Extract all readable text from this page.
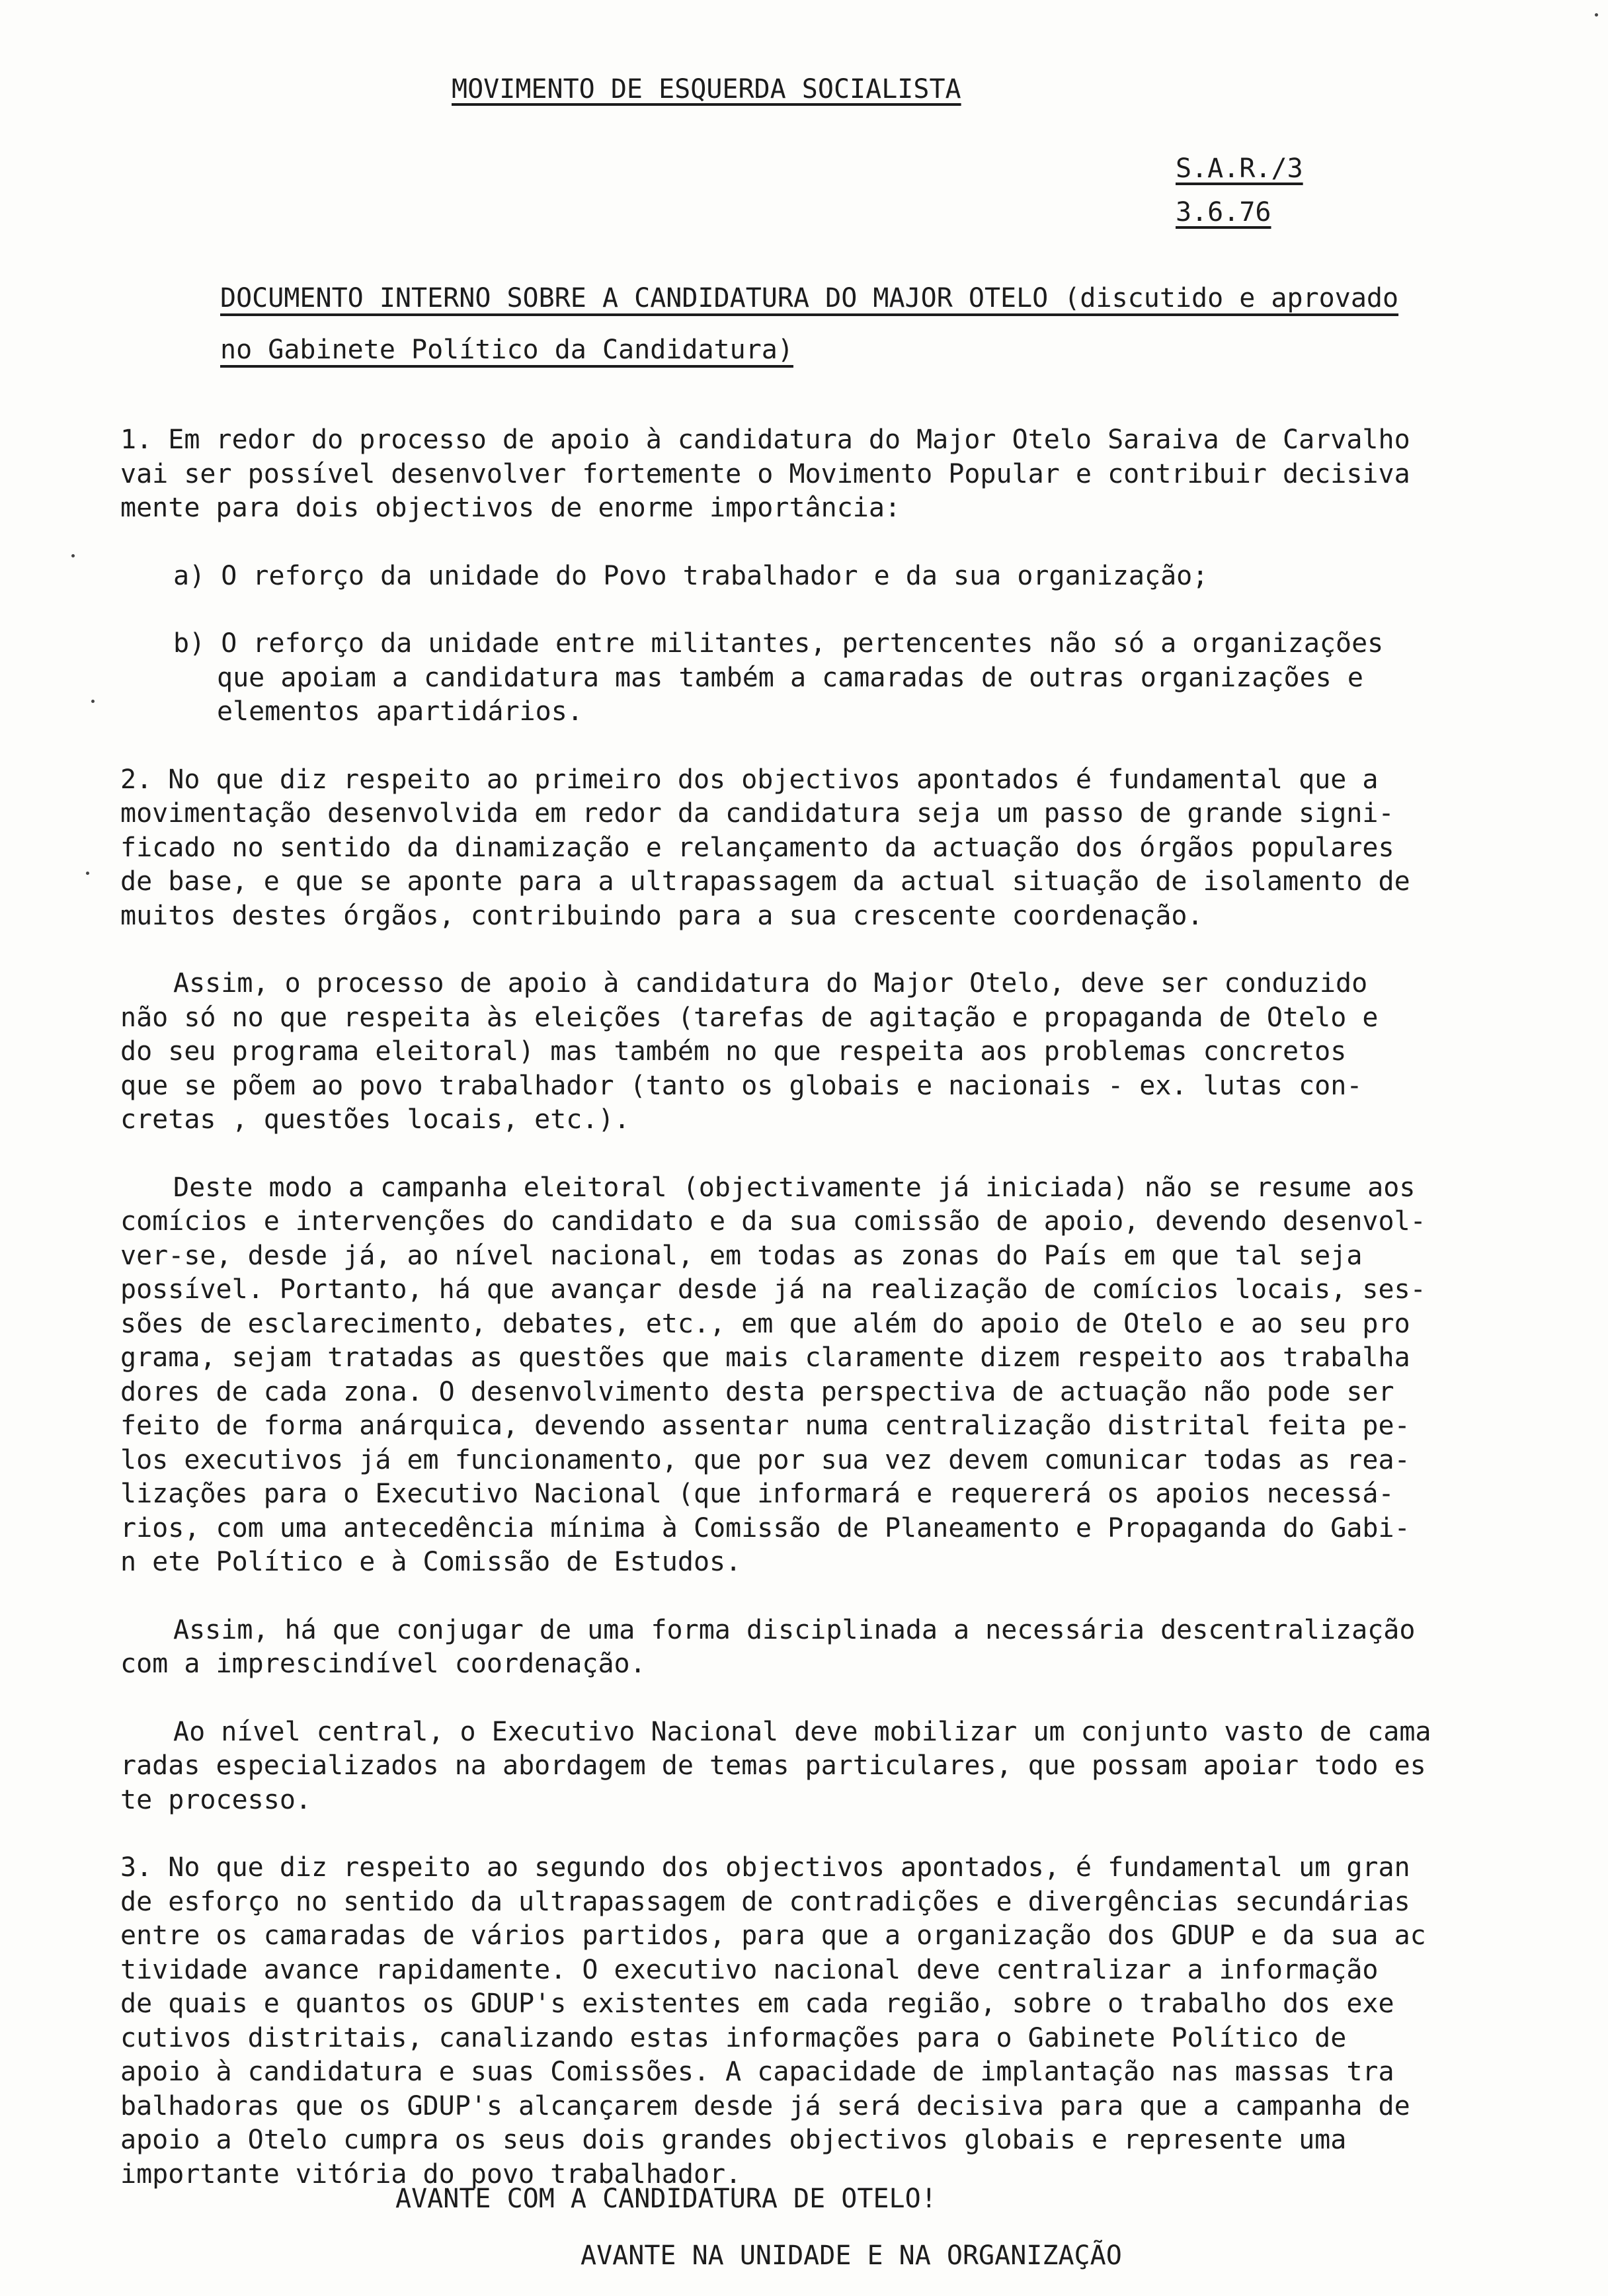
MOVIMENTO DE ESQUERDA SOCIALISTA
S.A.R./3
3.6.76
DOCUMENTO INTERNO SOBRE A CANDIDATURA DO MAJOR OTELO (discutido e aprovado
no Gabinete Político da Candidatura)
1. Em redor do processo de apoio à candidatura do Major Otelo Saraiva de Carvalho
vai ser possível desenvolver fortemente o Movimento Popular e contribuir decisiva
mente para dois objectivos de enorme importância:
a) O reforço da unidade do Povo trabalhador e da sua organização;
b) O reforço da unidade entre militantes, pertencentes não só a organizações
que apoiam a candidatura mas também a camaradas de outras organizações e
elementos apartidários.
2. No que diz respeito ao primeiro dos objectivos apontados é fundamental que a
movimentação desenvolvida em redor da candidatura seja um passo de grande signi-
ficado no sentido da dinamização e relançamento da actuação dos órgãos populares
de base, e que se aponte para a ultrapassagem da actual situação de isolamento de
muitos destes órgãos, contribuindo para a sua crescente coordenação.
Assim, o processo de apoio à candidatura do Major Otelo, deve ser conduzido
não só no que respeita às eleições (tarefas de agitação e propaganda de Otelo e
do seu programa eleitoral) mas também no que respeita aos problemas concretos
que se põem ao povo trabalhador (tanto os globais e nacionais - ex. lutas con-
cretas , questões locais, etc.).
Deste modo a campanha eleitoral (objectivamente já iniciada) não se resume aos
comícios e intervenções do candidato e da sua comissão de apoio, devendo desenvol-
ver-se, desde já, ao nível nacional, em todas as zonas do País em que tal seja
possível. Portanto, há que avançar desde já na realização de comícios locais, ses-
sões de esclarecimento, debates, etc., em que além do apoio de Otelo e ao seu pro
grama, sejam tratadas as questões que mais claramente dizem respeito aos trabalha
dores de cada zona. O desenvolvimento desta perspectiva de actuação não pode ser
feito de forma anárquica, devendo assentar numa centralização distrital feita pe-
los executivos já em funcionamento, que por sua vez devem comunicar todas as rea-
lizações para o Executivo Nacional (que informará e requererá os apoios necessá-
rios, com uma antecedência mínima à Comissão de Planeamento e Propaganda do Gabi-
n ete Político e à Comissão de Estudos.
Assim, há que conjugar de uma forma disciplinada a necessária descentralização
com a imprescindível coordenação.
Ao nível central, o Executivo Nacional deve mobilizar um conjunto vasto de cama
radas especializados na abordagem de temas particulares, que possam apoiar todo es
te processo.
3. No que diz respeito ao segundo dos objectivos apontados, é fundamental um gran
de esforço no sentido da ultrapassagem de contradições e divergências secundárias
entre os camaradas de vários partidos, para que a organização dos GDUP e da sua ac
tividade avance rapidamente. O executivo nacional deve centralizar a informação
de quais e quantos os GDUP's existentes em cada região, sobre o trabalho dos exe
cutivos distritais, canalizando estas informações para o Gabinete Político de
apoio à candidatura e suas Comissões. A capacidade de implantação nas massas tra
balhadoras que os GDUP's alcançarem desde já será decisiva para que a campanha de
apoio a Otelo cumpra os seus dois grandes objectivos globais e represente uma
importante vitória do povo trabalhador.
AVANTE COM A CANDIDATURA DE OTELO!
AVANTE NA UNIDADE E NA ORGANIZAÇÃO
